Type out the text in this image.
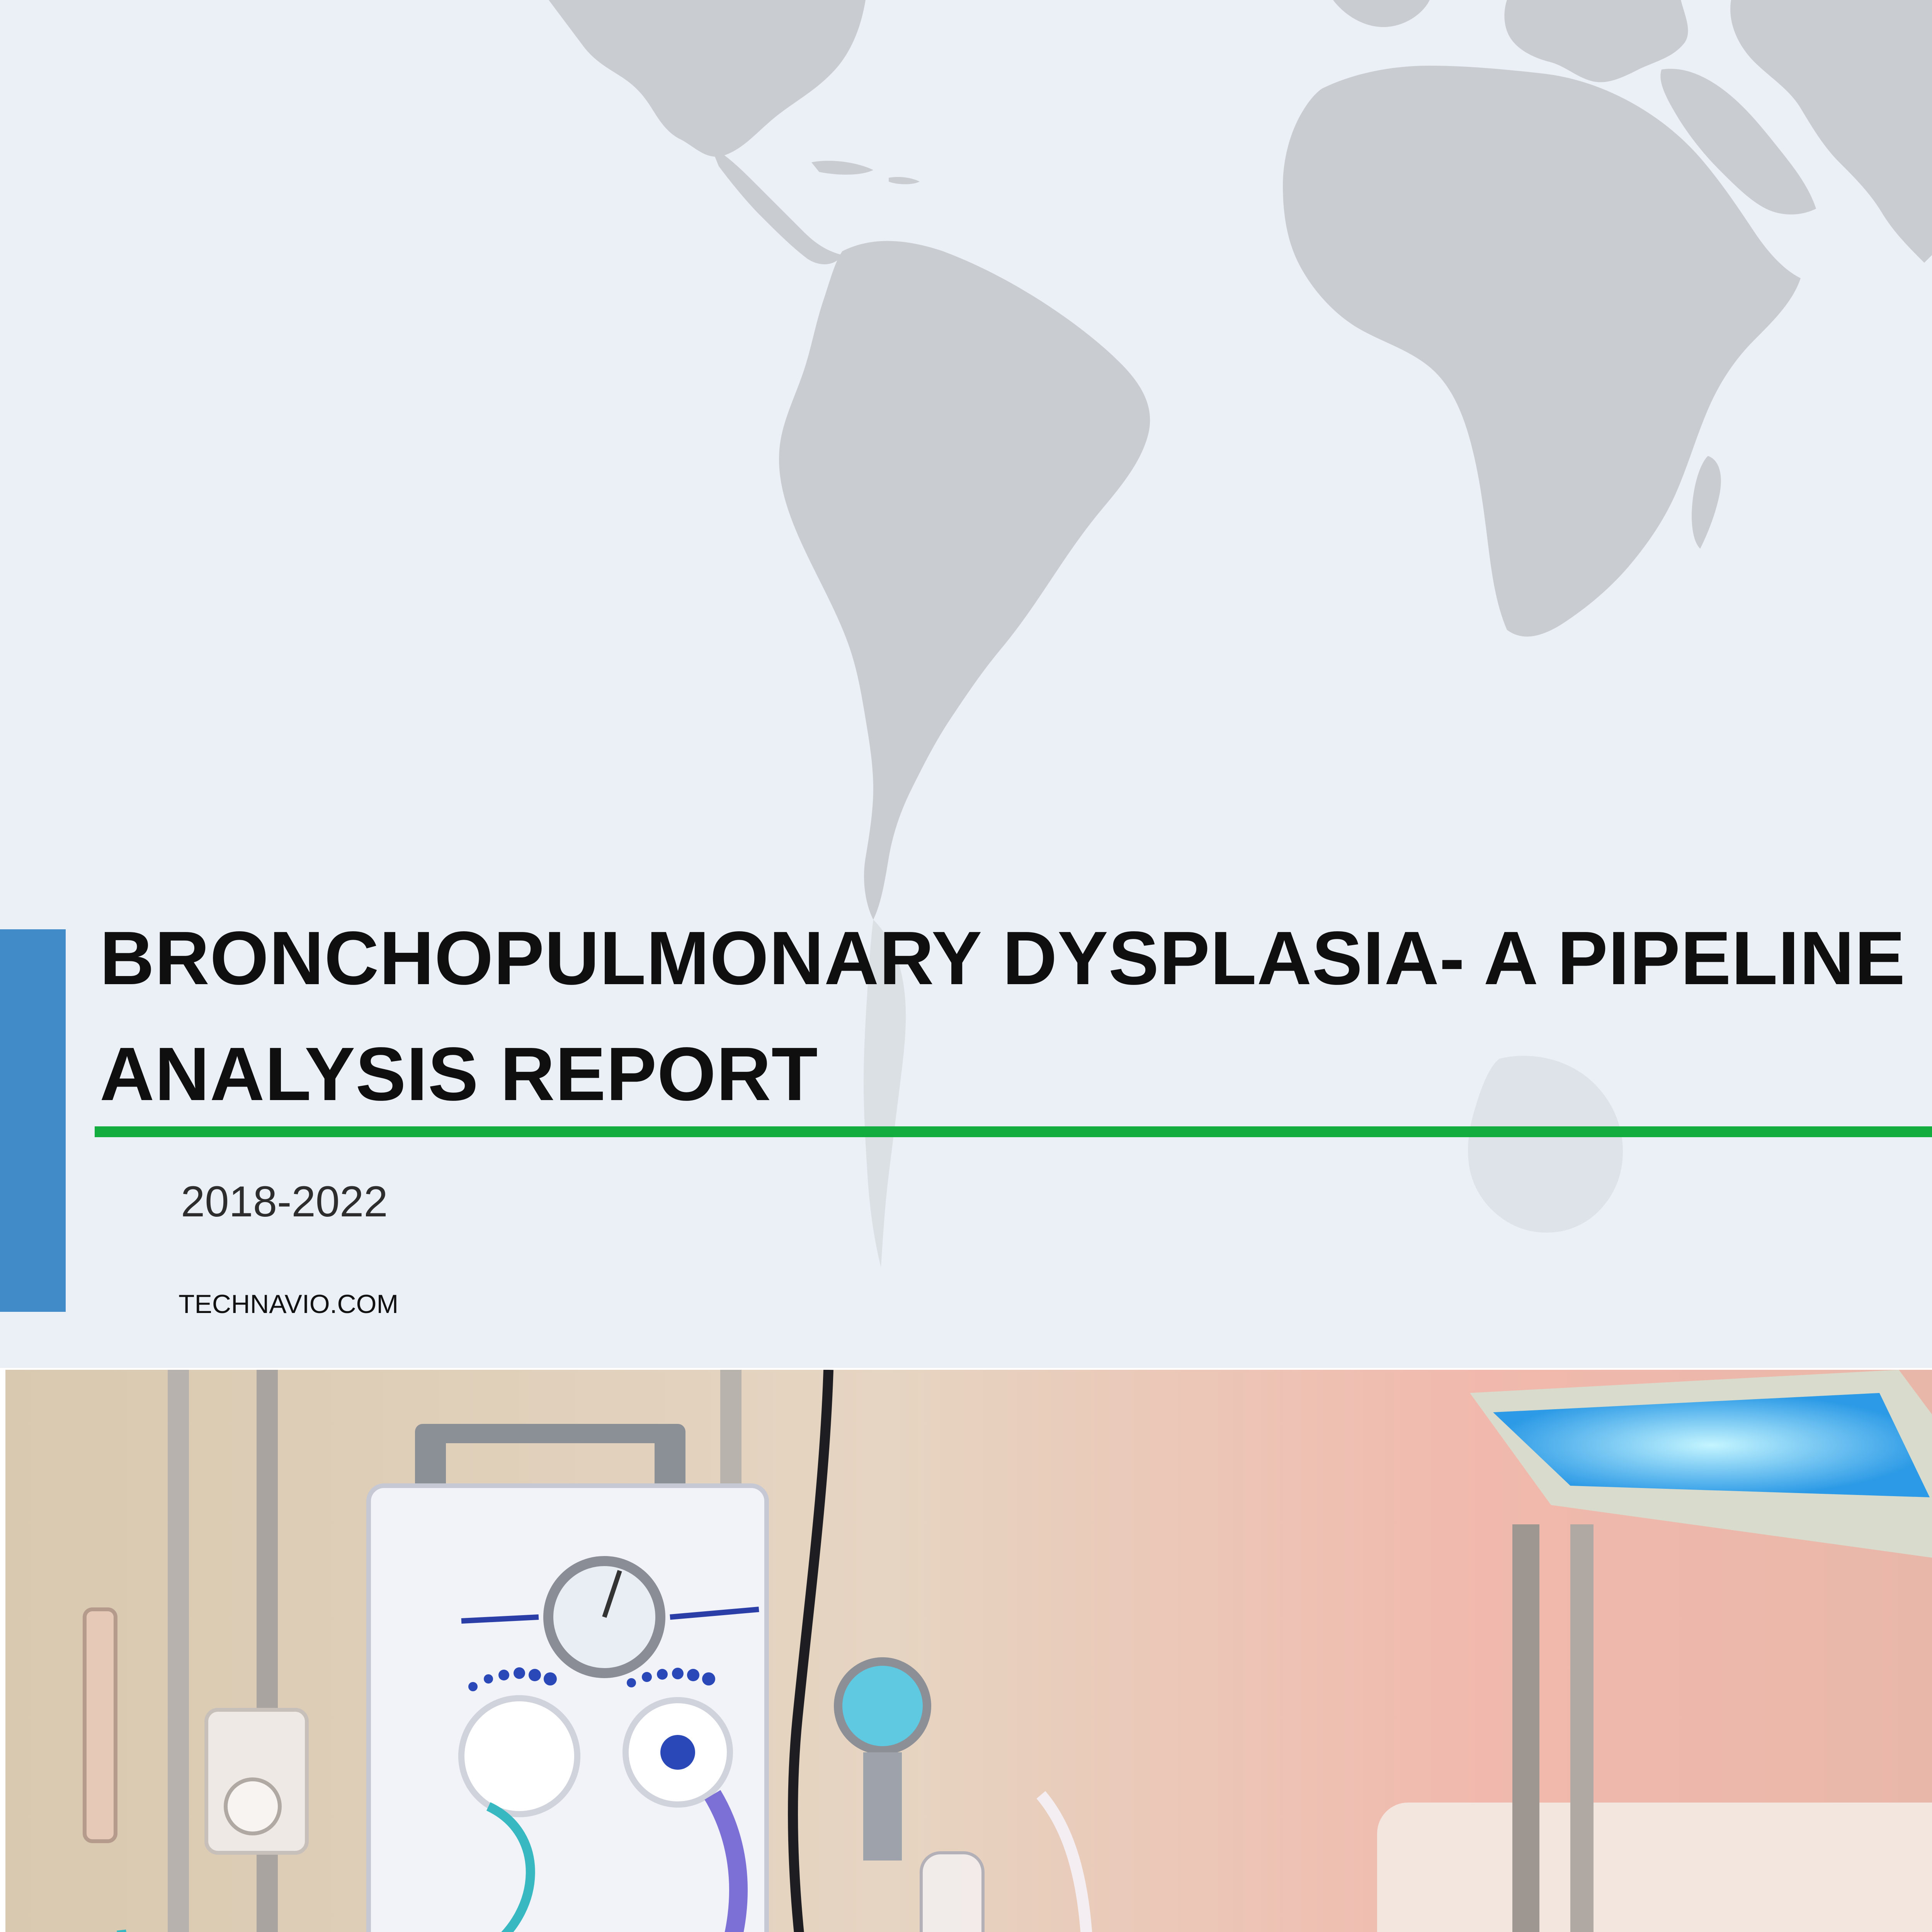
BRONCHOPULMONARY DYSPLASIA- A PIPELINE ANALYSIS REPORT
2018-2022
TECHNAVIO.COM
